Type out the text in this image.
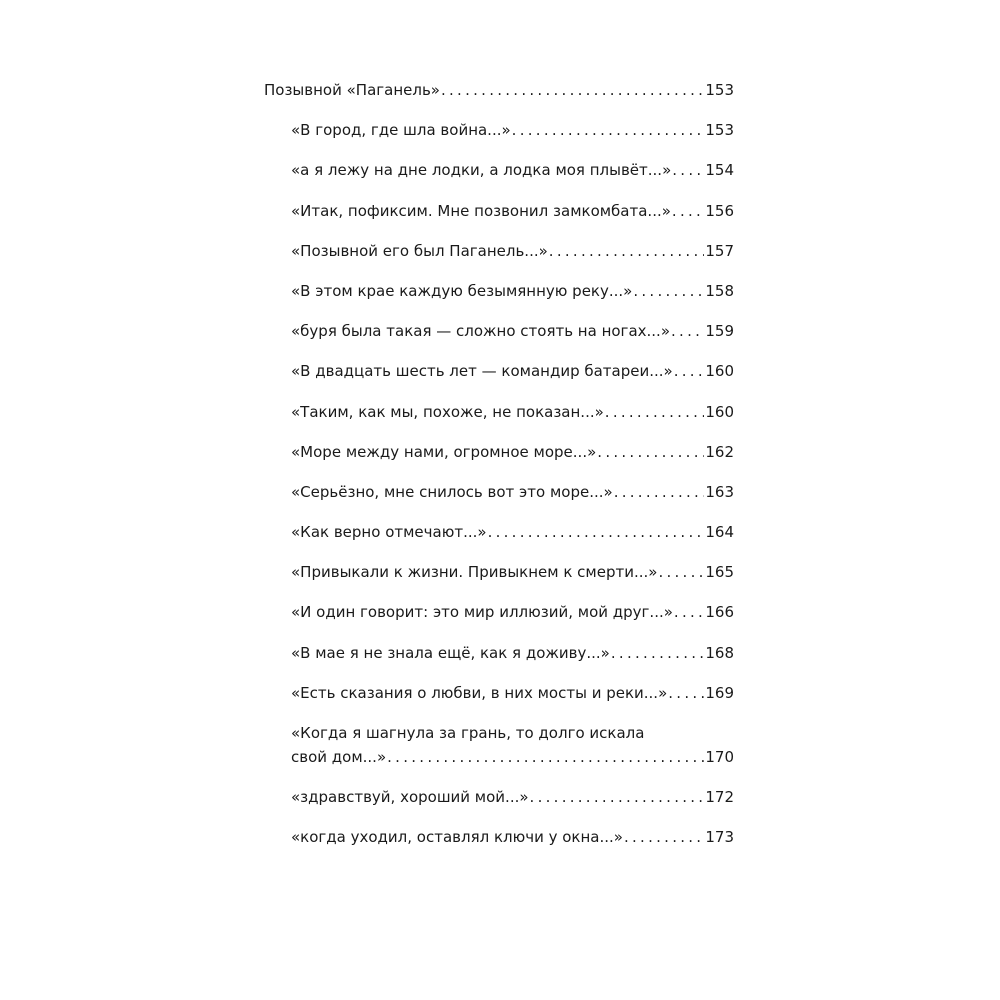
Позывной «Паганель» . . .	153
«В город, где шла война...» . . .	153
«а я лежу на дне лодки, а лодка моя плывёт...» . . . 154
«Итак, пофиксим. Мне позвонил замкомбата...» . . . 156
«Позывной его был Паганель...» . . .	157
«В этом крае каждую безымянную реку...» . . .	158
«буря была такая — сложно стоять на ногах...» . . . 159
«В двадцать шесть лет — командир батареи...» . . . 160
«Таким, как мы, похоже, не показан...» . . .	160
«Море между нами, огромное море...» . . .	162
«Серьёзно, мне снилось вот это море...» . . .	163
«Как верно отмечают...» . . .	164
«Привыкали к жизни. Привыкнем к смерти...» . . .	165
«И один говорит: это мир иллюзий, мой друг...» . . . 166
«В мае я не знала ещё, как я доживу...» . . .	168
«Есть сказания о любви, в них мосты и реки...» . . .	169
«Когда я шагнула за грань, то долго искала
свой дом...» . . .	170
«здравствуй, хороший мой...» . . .	172
«когда уходил, оставлял ключи у окна...» . . .	173
